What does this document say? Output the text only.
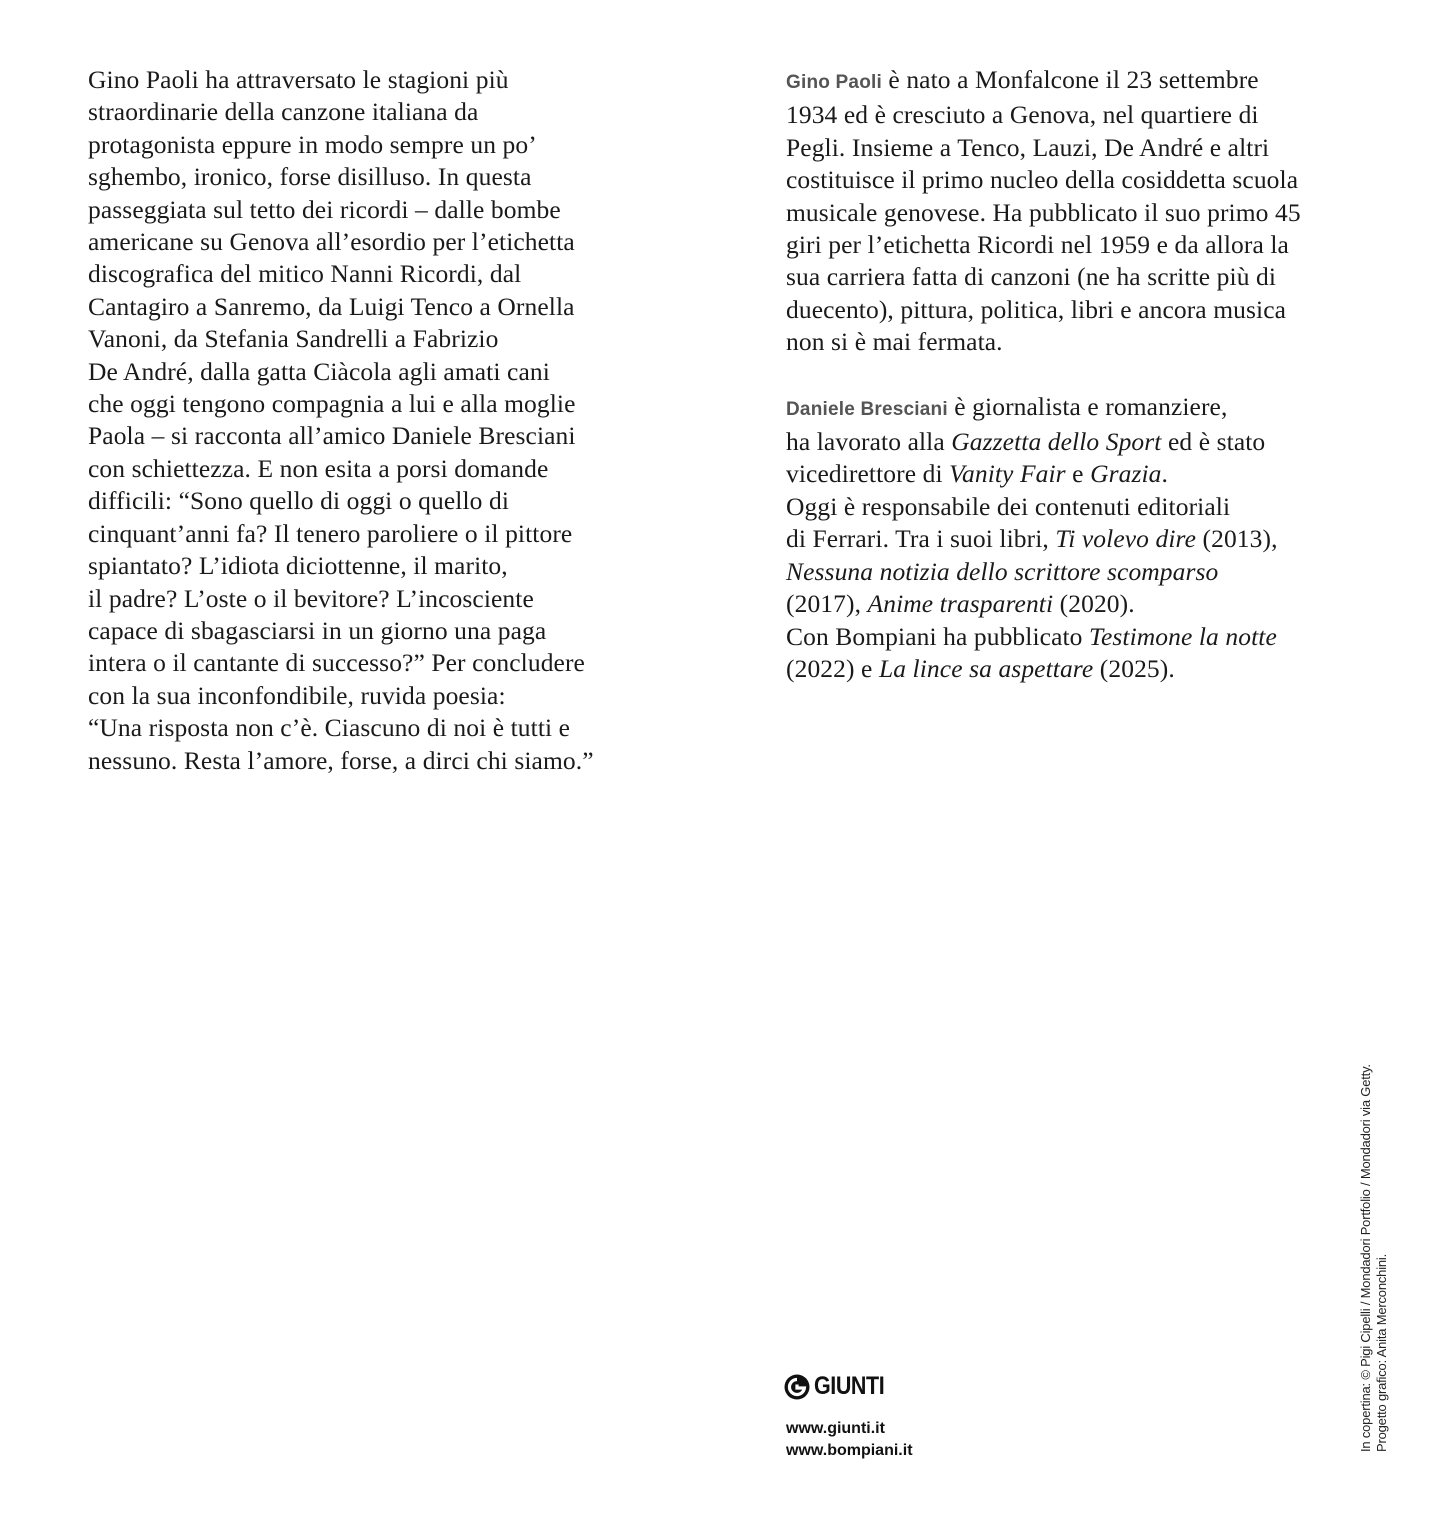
Gino Paoli ha attraversato le stagioni più
straordinarie della canzone italiana da
protagonista eppure in modo sempre un po’
sghembo, ironico, forse disilluso. In questa
passeggiata sul tetto dei ricordi – dalle bombe
americane su Genova all’esordio per l’etichetta
discografica del mitico Nanni Ricordi, dal
Cantagiro a Sanremo, da Luigi Tenco a Ornella
Vanoni, da Stefania Sandrelli a Fabrizio
De André, dalla gatta Ciàcola agli amati cani
che oggi tengono compagnia a lui e alla moglie
Paola – si racconta all’amico Daniele Bresciani
con schiettezza. E non esita a porsi domande
difficili: “Sono quello di oggi o quello di
cinquant’anni fa? Il tenero paroliere o il pittore
spiantato? L’idiota diciottenne, il marito,
il padre? L’oste o il bevitore? L’incosciente
capace di sbagasciarsi in un giorno una paga
intera o il cantante di successo?” Per concludere
con la sua inconfondibile, ruvida poesia:
“Una risposta non c’è. Ciascuno di noi è tutti e
nessuno. Resta l’amore, forse, a dirci chi siamo.”
Gino Paoli è nato a Monfalcone il 23 settembre
1934 ed è cresciuto a Genova, nel quartiere di
Pegli. Insieme a Tenco, Lauzi, De André e altri
costituisce il primo nucleo della cosiddetta scuola
musicale genovese. Ha pubblicato il suo primo 45
giri per l’etichetta Ricordi nel 1959 e da allora la
sua carriera fatta di canzoni (ne ha scritte più di
duecento), pittura, politica, libri e ancora musica
non si è mai fermata.
Daniele Bresciani è giornalista e romanziere,
ha lavorato alla Gazzetta dello Sport ed è stato
vicedirettore di Vanity Fair e Grazia.
Oggi è responsabile dei contenuti editoriali
di Ferrari. Tra i suoi libri, Ti volevo dire (2013),
Nessuna notizia dello scrittore scomparso
(2017), Anime trasparenti (2020).
Con Bompiani ha pubblicato Testimone la notte
(2022) e La lince sa aspettare (2025).
GIUNTI
www.giunti.it
www.bompiani.it	In copertina: © Pigi Cipelli / Mondadori Portfolio / Mondadori via Getty. Progetto grafico: Anita Merconchini.
